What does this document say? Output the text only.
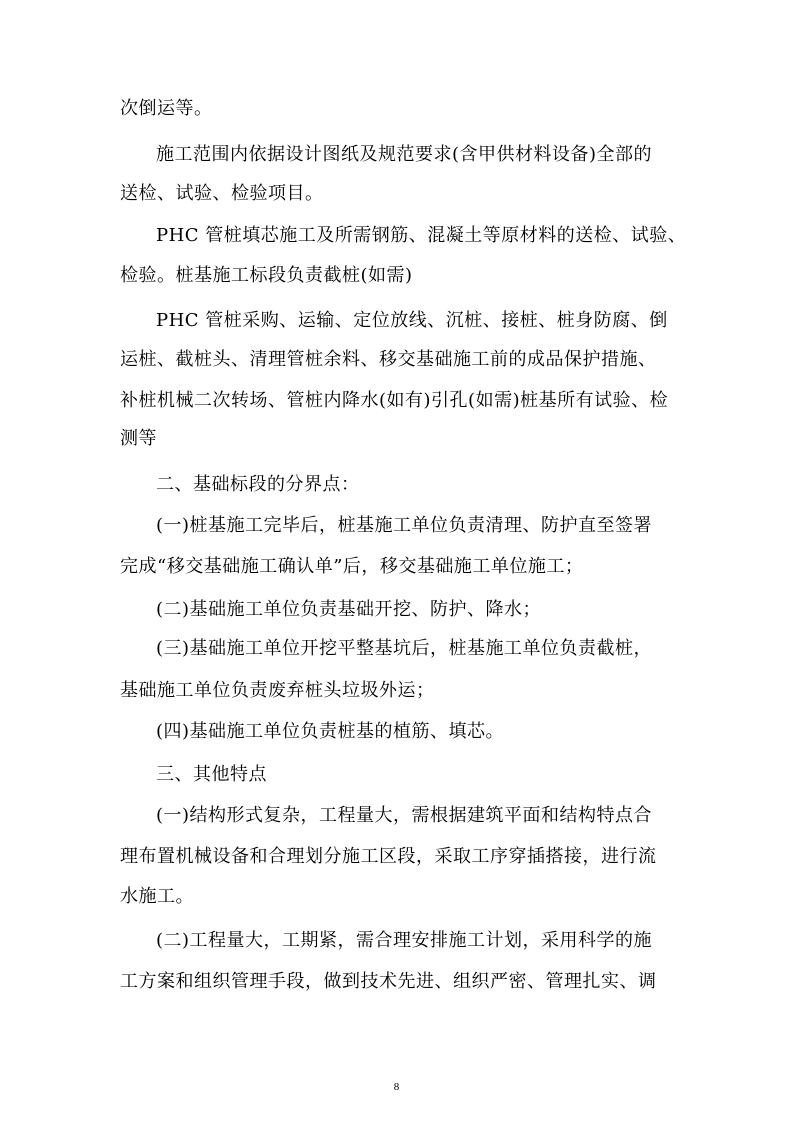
次倒运等。
施工范围内依据设计图纸及规范要求(含甲供材料设备)全部的
送检、试验、检验项目。
PHC 管桩填芯施工及所需钢筋、混凝土等原材料的送检、试验、
检验。桩基施工标段负责截桩(如需)
PHC 管桩采购、运输、定位放线、沉桩、接桩、桩身防腐、倒
运桩、截桩头、清理管桩余料、移交基础施工前的成品保护措施、
补桩机械二次转场、管桩内降水(如有)引孔(如需)桩基所有试验、检
测等
二、基础标段的分界点：
(一)桩基施工完毕后，桩基施工单位负责清理、防护直至签署
完成“移交基础施工确认单”后，移交基础施工单位施工；
(二)基础施工单位负责基础开挖、防护、降水；
(三)基础施工单位开挖平整基坑后，桩基施工单位负责截桩，
基础施工单位负责废弃桩头垃圾外运；
(四)基础施工单位负责桩基的植筋、填芯。
三、其他特点
(一)结构形式复杂，工程量大，需根据建筑平面和结构特点合
理布置机械设备和合理划分施工区段，采取工序穿插搭接，进行流
水施工。
(二)工程量大，工期紧，需合理安排施工计划，采用科学的施
工方案和组织管理手段，做到技术先进、组织严密、管理扎实、调
8
